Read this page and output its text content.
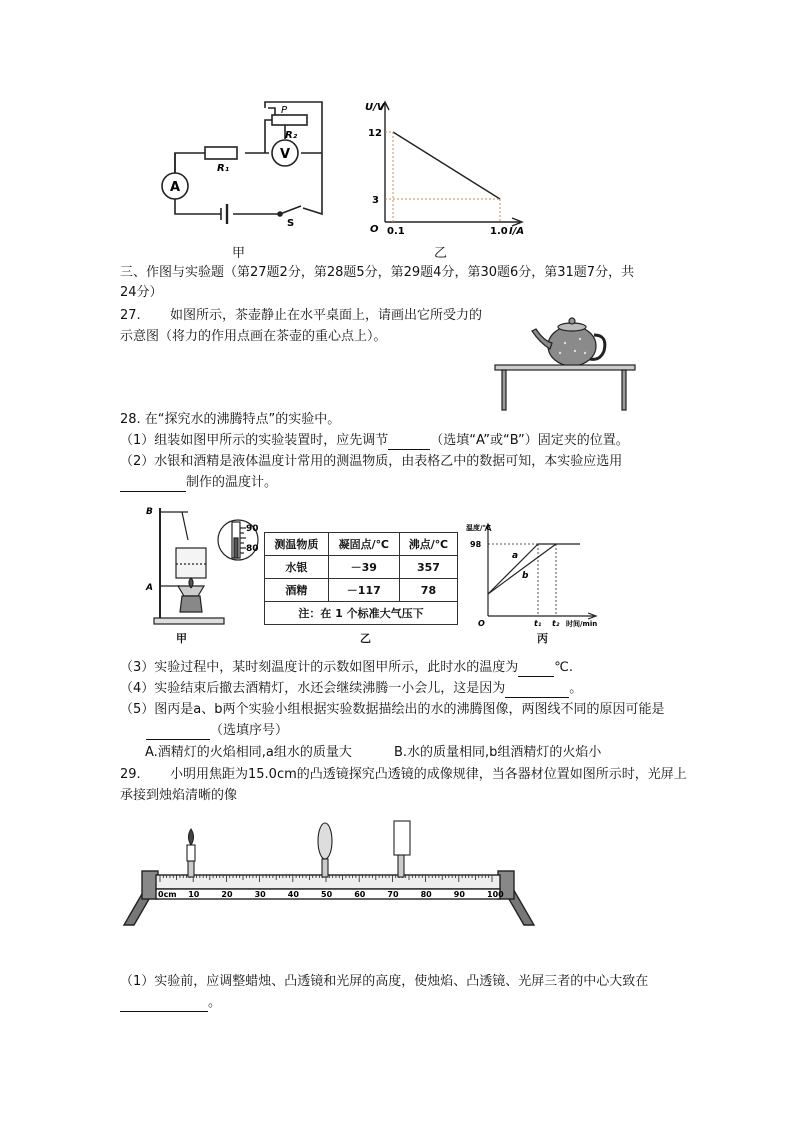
P
R₂
R₁
V
A
S
甲
U/V
12
3
O 0.1	1.0 I/A
乙
三、作图与实验题（第27题2分，第28题5分，第29题4分，第30题6分，第31题7分，共
24分）
27. 如图所示，茶壶静止在水平桌面上，请画出它所受力的
示意图（将力的作用点画在茶壶的重心点上）。
28. 在“探究水的沸腾特点”的实验中。
（1）组装如图甲所示的实验装置时，应先调节	（选填“A”或“B”）固定夹的位置。
（2）水银和酒精是液体温度计常用的测温物质，由表格乙中的数据可知，本实验应选用
制作的温度计。
B
A
90
80
甲
测温物质	凝固点/℃	沸点/℃
水银	－39	357
酒精	－117	78
注：在 1 个标准大气压下		
乙
温度/℃
98
a
b
O	t₁ t₂ 时间/min
丙
（3）实验过程中，某时刻温度计的示数如图甲所示，此时水的温度为	℃.
（4）实验结束后撤去酒精灯，水还会继续沸腾一小会儿，这是因为	。
（5）图丙是a、b两个实验小组根据实验数据描绘出的水的沸腾图像，两图线不同的原因可能是
（选填序号）
A.酒精灯的火焰相同,a组水的质量大	B.水的质量相同,b组酒精灯的火焰小
29. 小明用焦距为15.0cm的凸透镜探究凸透镜的成像规律，当各器材位置如图所示时，光屏上
承接到烛焰清晰的像
0cm 10	20	30	40	50	60	70	80	90	100
（1）实验前，应调整蜡烛、凸透镜和光屏的高度，使烛焰、凸透镜、光屏三者的中心大致在
。
